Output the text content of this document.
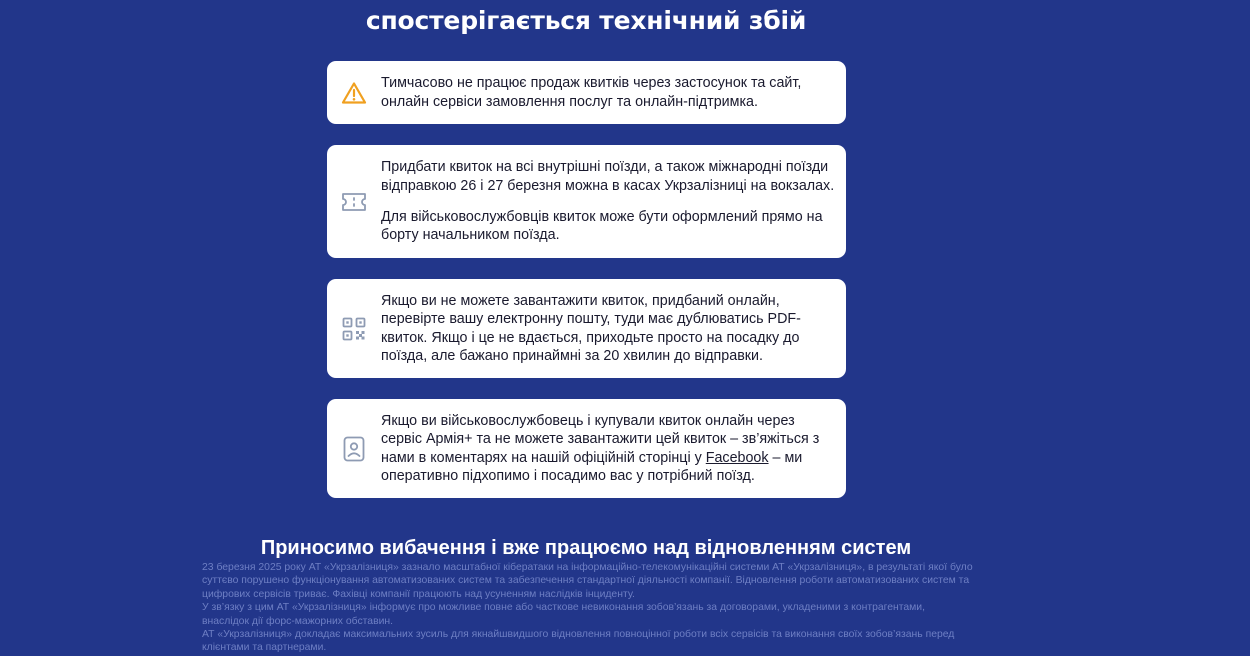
спостерігається технічний збій

Тимчасово не працює продаж квитків через застосунок та сайт, онлайн сервіси замовлення послуг та онлайн-підтримка.

Придбати квиток на всі внутрішні поїзди, а також міжнародні поїзди відправкою 26 і 27 березня можна в касах Укрзалізниці на вокзалах.

Для військовослужбовців квиток може бути оформлений прямо на борту начальником поїзда.

Якщо ви не можете завантажити квиток, придбаний онлайн, перевірте вашу електронну пошту, туди має дублюватись PDF-квиток. Якщо і це не вдається, приходьте просто на посадку до поїзда, але бажано принаймні за 20 хвилин до відправки.

Якщо ви військовослужбовець і купували квиток онлайн через сервіс Армія+ та не можете завантажити цей квиток – зв’яжіться з нами в коментарях на нашій офіційній сторінці у Facebook – ми оперативно підхопимо і посадимо вас у потрібний поїзд.

Приносимо вибачення і вже працюємо над відновленням систем

23 березня 2025 року АТ «Укрзалізниця» зазнало масштабної кібератаки на інформаційно-телекомунікаційні системи АТ «Укрзалізниця», в результаті якої було суттєво порушено функціонування автоматизованих систем та забезпечення стандартної діяльності компанії. Відновлення роботи автоматизованих систем та цифрових сервісів триває. Фахівці компанії працюють над усуненням наслідків інциденту.

У зв’язку з цим АТ «Укрзалізниця» інформує про можливе повне або часткове невиконання зобов’язань за договорами, укладеними з контрагентами, внаслідок дії форс-мажорних обставин.

АТ «Укрзалізниця» докладає максимальних зусиль для якнайшвидшого відновлення повноцінної роботи всіх сервісів та виконання своїх зобов’язань перед клієнтами та партнерами.
